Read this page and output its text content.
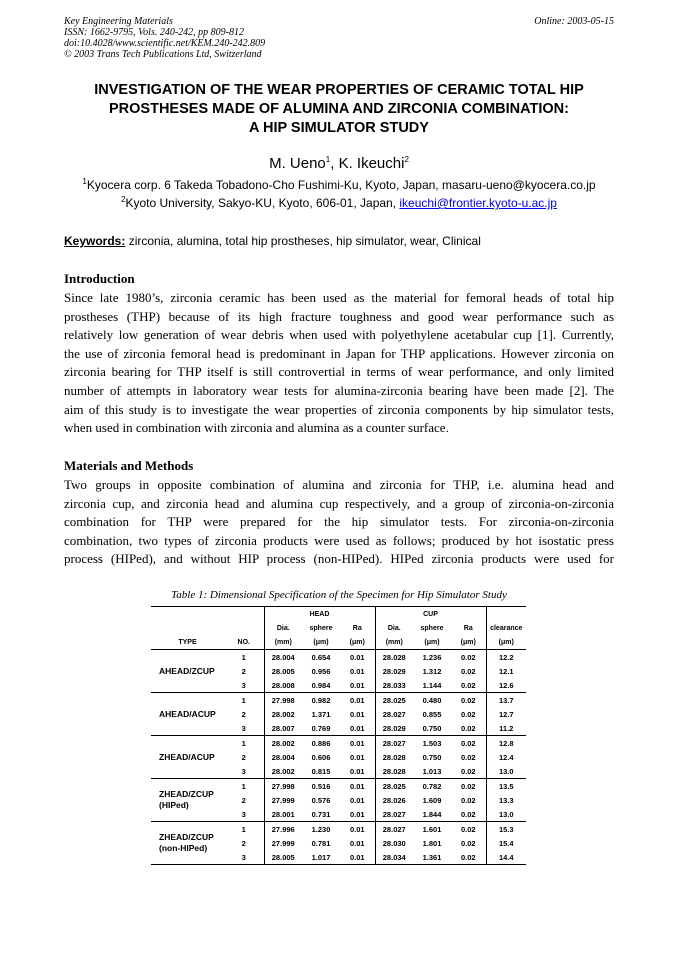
Key Engineering Materials
ISSN: 1662-9795, Vols. 240-242, pp 809-812
doi:10.4028/www.scientific.net/KEM.240-242.809
© 2003 Trans Tech Publications Ltd, Switzerland
Online: 2003-05-15
INVESTIGATION OF THE WEAR PROPERTIES OF CERAMIC TOTAL HIP
PROSTHESES MADE OF ALUMINA AND ZIRCONIA COMBINATION:
A HIP SIMULATOR STUDY
M. Ueno$^1$, K. Ikeuchi$^2$
$^1$Kyocera corp. 6 Takeda Tobadono-Cho Fushimi-Ku, Kyoto, Japan, masaru-ueno@kyocera.co.jp
$^2$Kyoto University, Sakyo-KU, Kyoto, 606-01, Japan, ikeuchi@frontier.kyoto-u.ac.jp
Keywords: zirconia, alumina, total hip prostheses, hip simulator, wear, Clinical
Introduction
Since late 1980’s, zirconia ceramic has been used as the material for femoral heads of total hip
prostheses (THP) because of its high fracture toughness and good wear performance such as
relatively low generation of wear debris when used with polyethylene acetabular cup [1]. Currently,
the use of zirconia femoral head is predominant in Japan for THP applications. However zirconia on
zirconia bearing for THP itself is still controvertial in terms of wear performance, and only limited
number of attempts in laboratory wear tests for alumina-zirconia bearing have been made [2]. The
aim of this study is to investigate the wear properties of zirconia components by hip simulator tests,
when used in combination with zirconia and alumina as a counter surface.
Materials and Methods
Two groups in opposite combination of alumina and zirconia for THP, i.e. alumina head and
zirconia cup, and zirconia head and alumina cup respectively, and a group of zirconia-on-zirconia
combination for THP were prepared for the hip simulator tests. For zirconia-on-zirconia
combination, two types of zirconia products were used as follows; produced by hot isostatic press
process (HIPed), and without HIP process (non-HIPed). HIPed zirconia products were used for
Table 1: Dimensional Specification of the Specimen for Hip Simulator Study
		HEAD			CUP			
		Dia.	sphere	Ra	Dia.	sphere	Ra	clearance
TYPE	NO.	(mm)	(μm)	(μm)	(mm)	(μm)	(μm)	(μm)

AHEAD/ZCUP	1	28.004	0.654	0.01	28.028	1.236	0.02	12.2
	2	28.005	0.956	0.01	28.029	1.312	0.02	12.1
	3	28.008	0.984	0.01	28.033	1.144	0.02	12.6

AHEAD/ACUP	1	27.998	0.982	0.01	28.025	0.480	0.02	13.7
	2	28.002	1.371	0.01	28.027	0.855	0.02	12.7
	3	28.007	0.769	0.01	28.029	0.750	0.02	11.2

ZHEAD/ACUP	1	28.002	0.886	0.01	28.027	1.503	0.02	12.8
	2	28.004	0.606	0.01	28.028	0.750	0.02	12.4
	3	28.002	0.815	0.01	28.028	1.013	0.02	13.0

ZHEAD/ZCUP
(HIPed)	1	27.998	0.516	0.01	28.025	0.782	0.02	13.5
	2	27.999	0.576	0.01	28.026	1.609	0.02	13.3
	3	28.001	0.731	0.01	28.027	1.844	0.02	13.0

ZHEAD/ZCUP
(non-HIPed)	1	27.996	1.230	0.01	28.027	1.601	0.02	15.3
	2	27.999	0.781	0.01	28.030	1.801	0.02	15.4
	3	28.005	1.017	0.01	28.034	1.361	0.02	14.4
